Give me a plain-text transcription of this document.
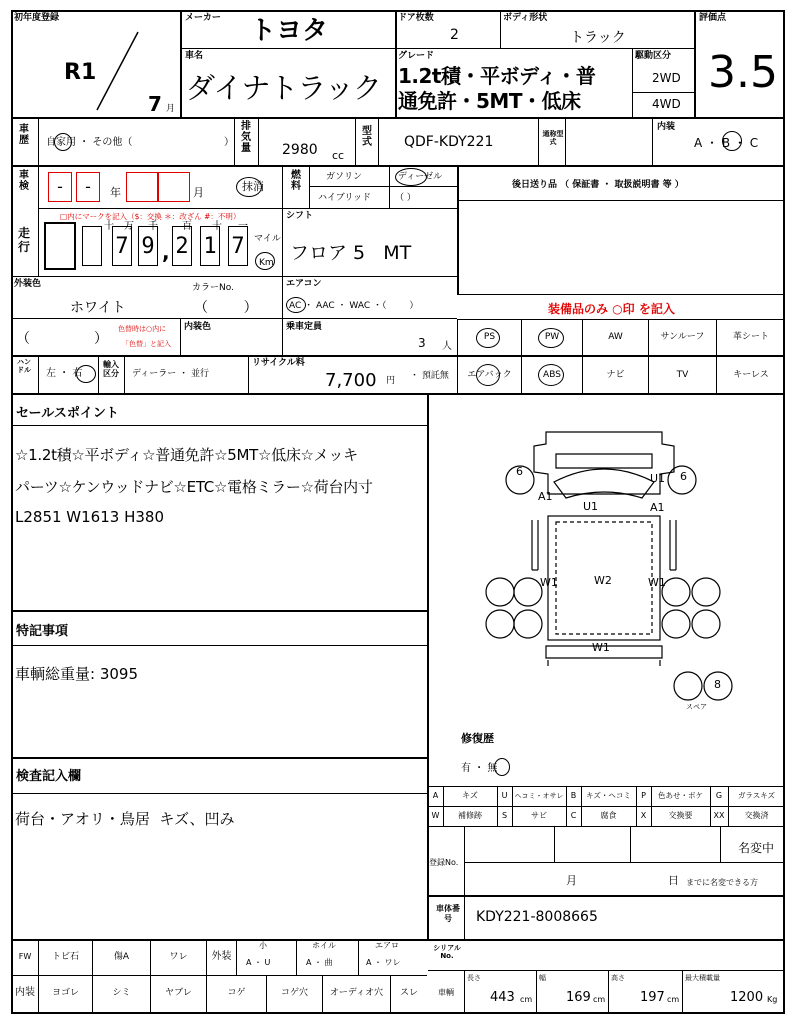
初年度登録
R1
7 月
メーカー トヨタ
車名
ダイナトラック
ドア枚数
2
ボディ形状
トラック
グレード
1.2t積・平ボディ・普
通免許・5MT・低床
駆動区分
2WD
4WD
評価点
3.5
車歴 自家用 ・ その他（	）
排気量 2980 cc
型式 QDF-KDY221	通称型式
内装
A ・ B ・ C
車検	-	-	年	月	抹消
燃料
ガソリン	ディーゼル
ハイブリッド	（ ）
後日送り品 （ 保証書 ・ 取扱説明書 等 ）
走行
□内にマークを記入（$：交換 ＊：改ざん #：不明）
十 万 千 百 十 一
7 9 , 2 1 7	マイル
Km
シフト
フロア 5   MT
外装色
ホワイト
カラーNo.
（        ）
エアコン
AC ・ AAC ・ WAC ・（        ）	装備品のみ ○印 を記入
（	）
色替時は○内に
「色替」と記入
内装色	乗車定員
3 人
PS	PW	AW	サンルーフ	革シート
ハンドル 左 ・ 右
輸入区分	ディーラー ・ 並行
リサイクル料
7,700 円 ・ 預託無	エアバック	ABS	ナビ	TV	キーレス
セールスポイント
☆1.2t積☆平ボディ☆普通免許☆5MT☆低床☆メッキ
パーツ☆ケンウッドナビ☆ETC☆電格ミラー☆荷台内寸
L2851 W1613 H380
特記事項
車輌総重量: 3095
検査記入欄
荷台・アオリ・鳥居  キズ、凹み
6	6
A1
U1
A1
U1
W1	W2	W1
W1
8
スペア
修復歴
有 ・ 無
A	キズ	U	ヘコミ・オサレ B	キズ・ヘコミ	P	色あせ・ボケ	G	ガラスキズ
W	補修跡	S	サビ	C	腐食	X	交換要	XX	交換済
登録No.
名変中
月	日 までに名変できる方
車体番号	KDY221-8008665
FW	トビ石	傷A	ワレ	外装
小
A ・ U
ホイル
A ・ 曲
エアロ
A ・ ワレ
シリアルNo.
内装	ヨゴレ	シミ	ヤブレ	コゲ	コゲ穴	オーディオ穴	スレ	車輌
長さ
443 cm
幅
169 cm
高さ
197 cm
最大積載量
1200 Kg
